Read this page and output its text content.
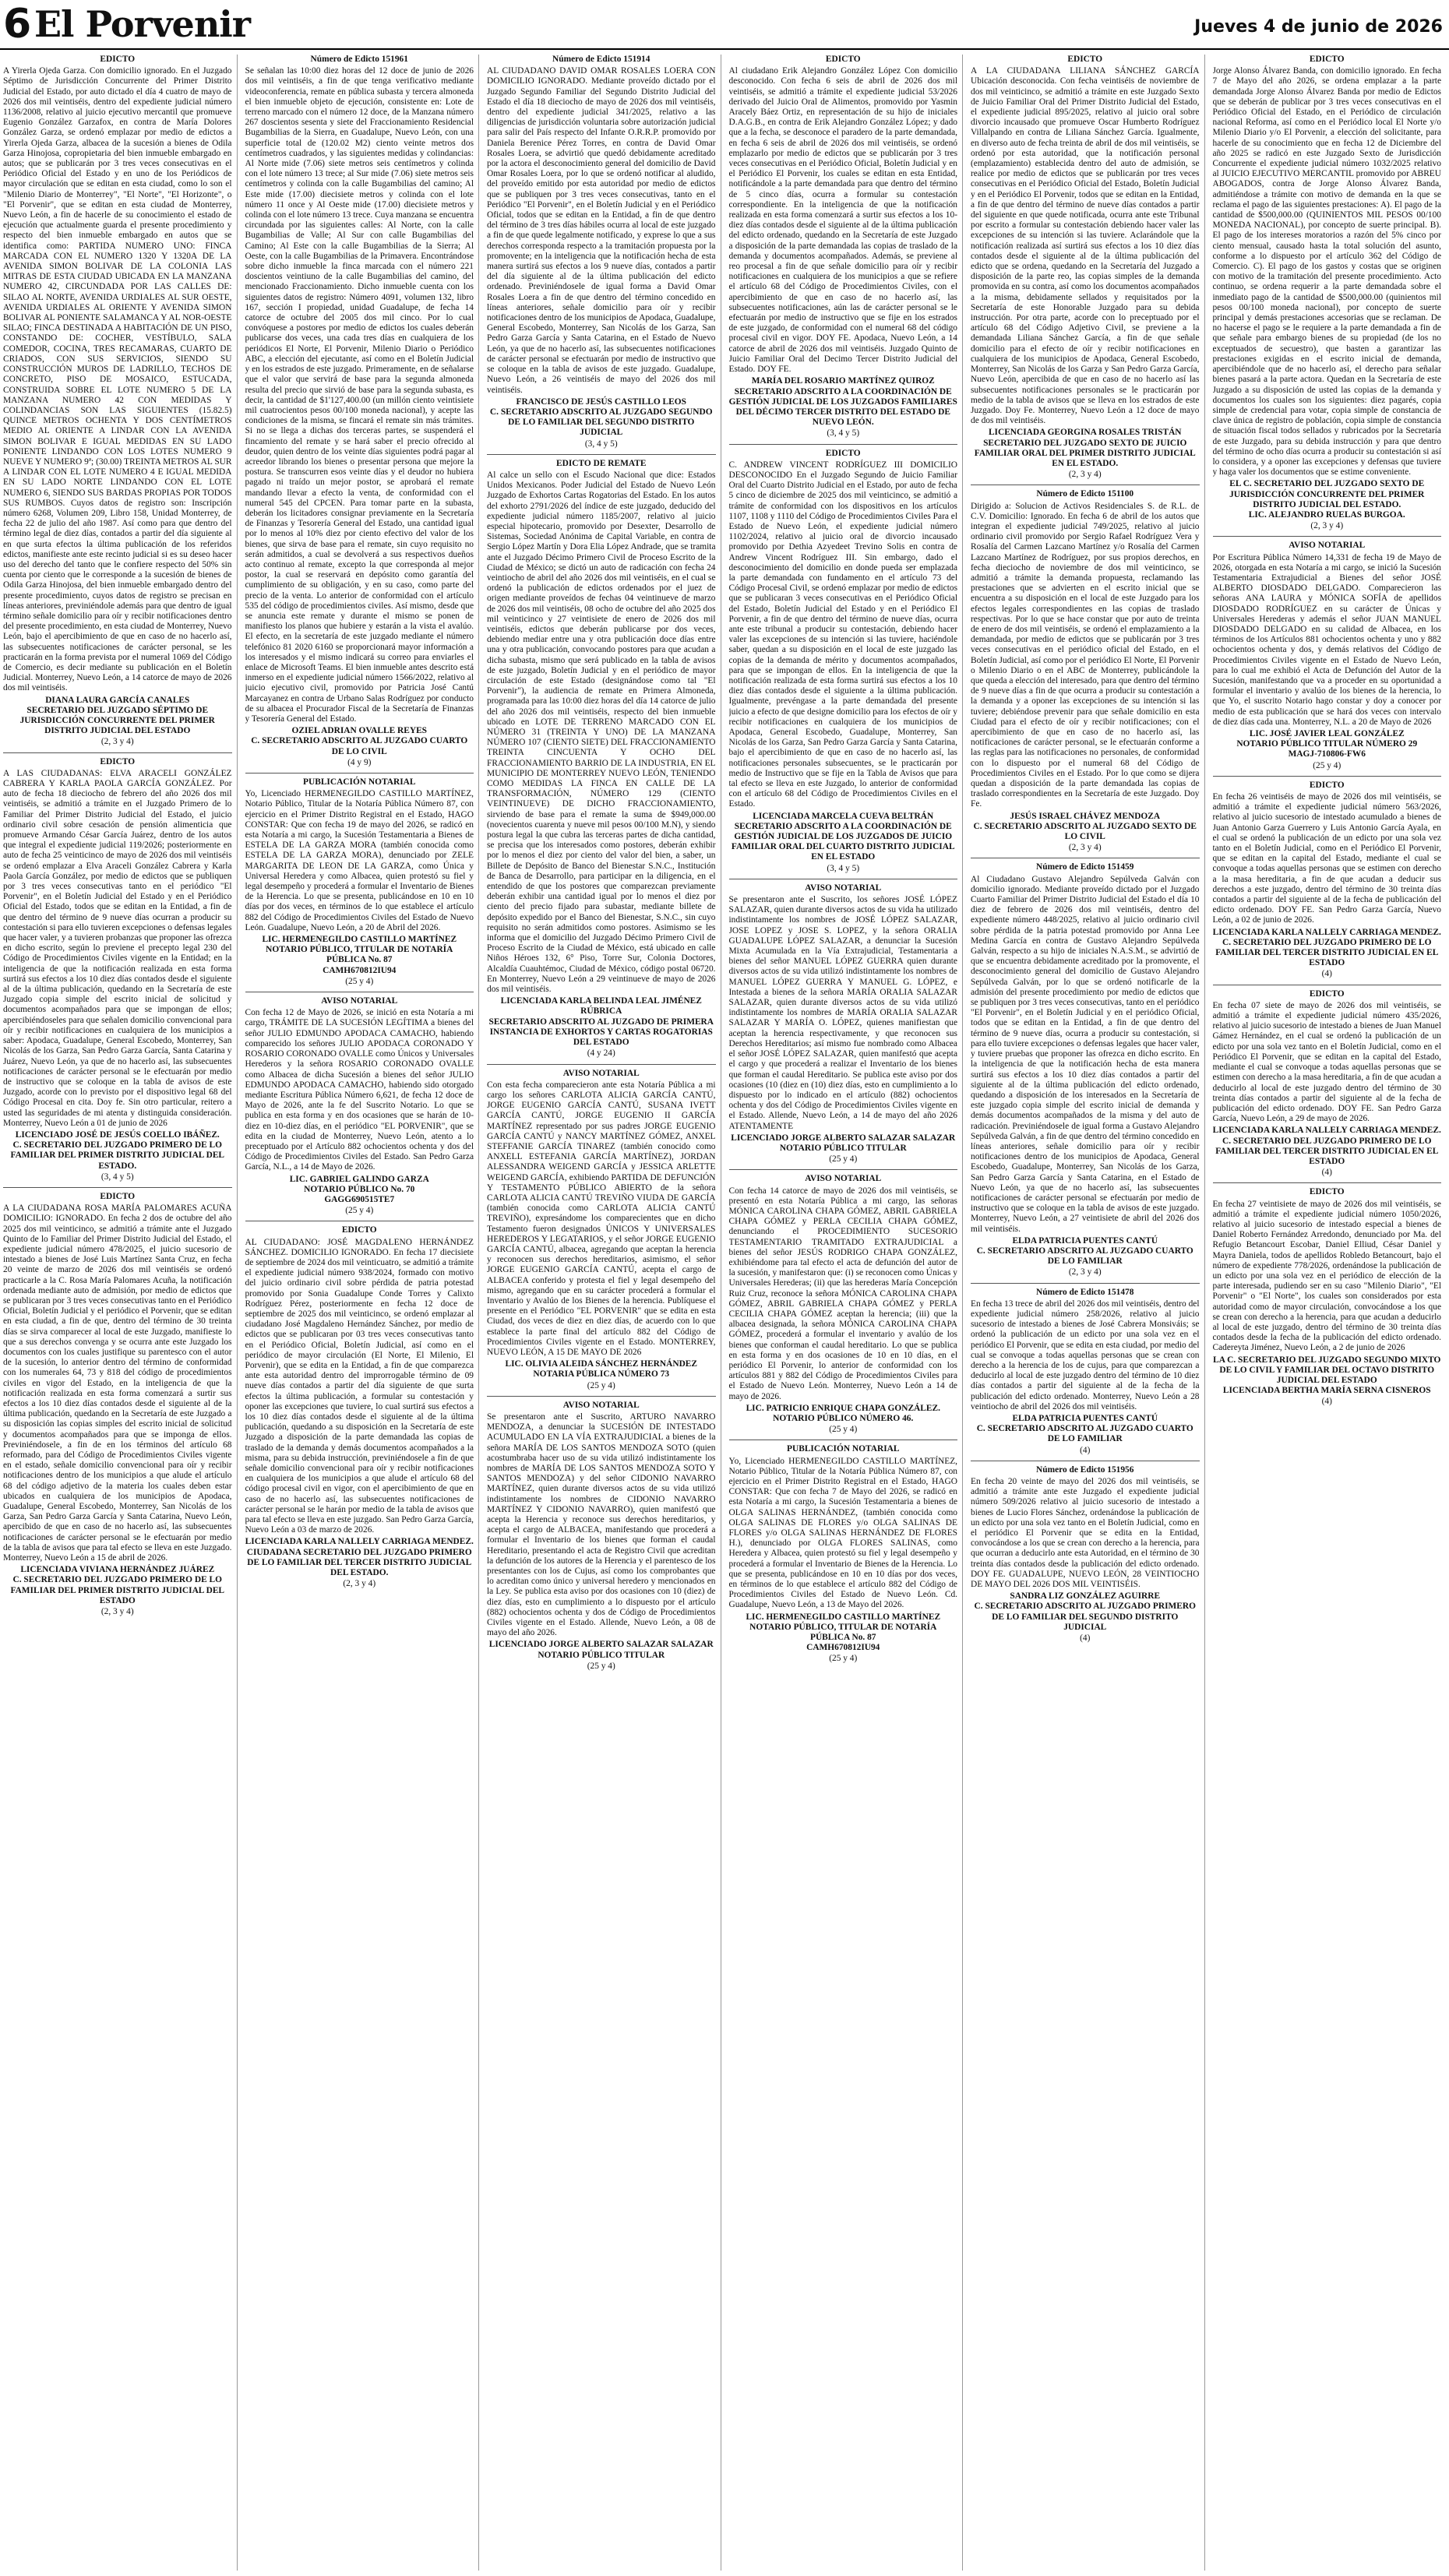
6 El Porvenir	Jueves 4 de junio de 2026
EDICTO
A Yirerla Ojeda Garza. Con domicilio ignorado. En el Juzgado Séptimo de Jurisdicción Concurrente del Primer Distrito Judicial del Estado, por auto dictado el día 4 cuatro de mayo de 2026 dos mil veintiséis, dentro del expediente judicial número 1136/2008, relativo al juicio ejecutivo mercantil que promueve Eugenio González Garzafox, en contra de María Dolores González Garza, se ordenó emplazar por medio de edictos a Yirerla Ojeda Garza, albacea de la sucesión a bienes de Odila Garza Hinojosa, copropietaria del bien inmueble embargado en autos; que se publicarán por 3 tres veces consecutivas en el Periódico Oficial del Estado y en uno de los Periódicos de mayor circulación que se editan en esta ciudad, como lo son el "Milenio Diario de Monterrey", "El Norte", "El Horizonte", o "El Porvenir", que se editan en esta ciudad de Monterrey, Nuevo León, a fin de hacerle de su conocimiento el estado de ejecución que actualmente guarda el presente procedimiento y respecto del bien inmueble embargado en autos que se identifica como: PARTIDA NUMERO UNO: FINCA MARCADA CON EL NUMERO 1320 Y 1320A DE LA AVENIDA SIMON BOLIVAR DE LA COLONIA LAS MITRAS DE ESTA CIUDAD UBICADA EN LA MANZANA NUMERO 42, CIRCUNDADA POR LAS CALLES DE: SILAO AL NORTE, AVENIDA URDIALES AL SUR OESTE, AVENIDA URDIALES AL ORIENTE Y AVENIDA SIMON BOLIVAR AL PONIENTE SALAMANCA Y AL NOR-OESTE SILAO; FINCA DESTINADA A HABITACIÓN DE UN PISO, CONSTANDO DE: COCHER, VESTÍBULO, SALA COMEDOR, COCINA, TRES RECAMARAS, CUARTO DE CRIADOS, CON SUS SERVICIOS, SIENDO SU CONSTRUCCIÓN MUROS DE LADRILLO, TECHOS DE CONCRETO, PISO DE MOSAICO, ESTUCADA, CONSTRUIDA SOBRE EL LOTE NUMERO 5 DE LA MANZANA NUMERO 42 CON MEDIDAS Y COLINDANCIAS SON LAS SIGUIENTES (15.82.5) QUINCE METROS OCHENTA Y DOS CENTÍMETROS MEDIO AL ORIENTE A LINDAR CON LA AVENIDA SIMON BOLIVAR E IGUAL MEDIDAS EN SU LADO PONIENTE LINDANDO CON LOS LOTES NUMERO 9 NUEVE Y NUMERO 9ª; (30.00) TREINTA METROS AL SUR A LINDAR CON EL LOTE NUMERO 4 E IGUAL MEDIDA EN SU LADO NORTE LINDANDO CON EL LOTE NUMERO 6, SIENDO SUS BARDAS PROPIAS POR TODOS SUS RUMBOS. Cuyos datos de registro son: Inscripción número 6268, Volumen 209, Libro 158, Unidad Monterrey, de fecha 22 de julio del año 1987. Así como para que dentro del término legal de diez días, contados a partir del día siguiente al en que surta efectos la última publicación de los referidos edictos, manifieste ante este recinto judicial si es su deseo hacer uso del derecho del tanto que le confiere respecto del 50% sin cuenta por ciento que le corresponde a la sucesión de bienes de Odila Garza Hinojosa, del bien inmueble embargado dentro del presente procedimiento, cuyos datos de registro se precisan en líneas anteriores, previniéndole además para que dentro de igual término señale domicilio para oír y recibir notificaciones dentro del presente procedimiento, en esta ciudad de Monterrey, Nuevo León, bajo el apercibimiento de que en caso de no hacerlo así, las subsecuentes notificaciones de carácter personal, se les practicarán en la forma prevista por el numeral 1069 del Código de Comercio, es decir mediante su publicación en el Boletín Judicial. Monterrey, Nuevo León, a 14 catorce de mayo de 2026 dos mil veintiséis.
DIANA LAURA GARCÍA CANALES
SECRETARIO DEL JUZGADO SÉPTIMO DE JURISDICCIÓN CONCURRENTE DEL PRIMER DISTRITO JUDICIAL DEL ESTADO
(2, 3 y 4)
EDICTO
A LAS CIUDADANAS: ELVA ARACELI GONZÁLEZ CABRERA Y KARLA PAOLA GARCÍA GONZÁLEZ. Por auto de fecha 18 dieciocho de febrero del año 2026 dos mil veintiséis, se admitió a trámite en el Juzgado Primero de lo Familiar del Primer Distrito Judicial del Estado, el juicio ordinario civil sobre cesación de pensión alimenticia que promueve Armando César García Juárez, dentro de los autos que integral el expediente judicial 119/2026; posteriormente en auto de fecha 25 veinticinco de mayo de 2026 dos mil veintiséis se ordenó emplazar a Elva Araceli González Cabrera y Karla Paola García González, por medio de edictos que se publiquen por 3 tres veces consecutivas tanto en el periódico "El Porvenir", en el Boletín Judicial del Estado y en el Periódico Oficial del Estado, todos que se editan en la Entidad, a fin de que dentro del término de 9 nueve días ocurran a producir su contestación si para ello tuvieren excepciones o defensas legales que hacer valer, y a tuvieren probanzas que proponer las ofrezca en dicho escrito, según lo previene el precepto legal 230 del Código de Procedimientos Civiles vigente en la Entidad; en la inteligencia de que la notificación realizada en esta forma surtirá sus efectos a los 10 diez días contados desde el siguiente al de la última publicación, quedando en la Secretaría de este Juzgado copia simple del escrito inicial de solicitud y documentos acompañados para que se impongan de ellos; apercibiéndoseles para que señalen domicilio convencional para oír y recibir notificaciones en cualquiera de los municipios a saber: Apodaca, Guadalupe, General Escobedo, Monterrey, San Nicolás de los Garza, San Pedro Garza García, Santa Catarina y Juárez, Nuevo León, ya que de no hacerlo así, las subsecuentes notificaciones de carácter personal se le efectuarán por medio de instructivo que se coloque en la tabla de avisos de este Juzgado, acorde con lo previsto por el dispositivo legal 68 del Código Procesal en cita. Doy fe. Sin otro particular, reitero a usted las seguridades de mi atenta y distinguida consideración. Monterrey, Nuevo León a 01 de junio de 2026
LICENCIADO JOSÉ DE JESÚS COELLO IBÁÑEZ.
C. SECRETARIO DEL JUZGADO PRIMERO DE LO FAMILIAR DEL PRIMER DISTRITO JUDICIAL DEL ESTADO.
(3, 4 y 5)
EDICTO
A LA CIUDADANA ROSA MARÍA PALOMARES ACUÑA DOMICILIO: IGNORADO. En fecha 2 dos de octubre del año 2025 dos mil veinticinco, se admitió a trámite ante el Juzgado Quinto de lo Familiar del Primer Distrito Judicial del Estado, el expediente judicial número 478/2025, el juicio sucesorio de intestado a bienes de José Luis Martínez Santa Cruz, en fecha 20 veinte de marzo de 2026 dos mil veintiséis se ordenó practicarle a la C. Rosa María Palomares Acuña, la notificación ordenada mediante auto de admisión, por medio de edictos que se publicaran por 3 tres veces consecutivas tanto en el Periódico Oficial, Boletín Judicial y el periódico el Porvenir, que se editan en esta ciudad, a fin de que, dentro del término de 30 treinta días se sirva comparecer al local de este Juzgado, manifieste lo que a sus derechos convenga y se ocurra ante este Juzgado los documentos con los cuales justifique su parentesco con el autor de la sucesión, lo anterior dentro del término de conformidad con los numerales 64, 73 y 818 del código de procedimientos civiles en vigor del Estado, en la inteligencia de que la notificación realizada en esta forma comenzará a surtir sus efectos a los 10 diez días contados desde el siguiente al de la última publicación, quedando en la Secretaría de este Juzgado a su disposición las copias simples del escrito inicial de solicitud y documentos acompañados para que se imponga de ellos. Previniéndosele, a fin de en los términos del artículo 68 reformado, para del Código de Procedimientos Civiles vigente en el estado, señale domicilio convencional para oír y recibir notificaciones dentro de los municipios a que alude el artículo 68 del código adjetivo de la materia los cuales deben estar ubicados en cualquiera de los municipios de Apodaca, Guadalupe, General Escobedo, Monterrey, San Nicolás de los Garza, San Pedro Garza García y Santa Catarina, Nuevo León, apercibido de que en caso de no hacerlo así, las subsecuentes notificaciones de carácter personal se le efectuarán por medio de la tabla de avisos que para tal efecto se lleva en este Juzgado. Monterrey, Nuevo León a 15 de abril de 2026.
LICENCIADA VIVIANA HERNÁNDEZ JUÁREZ
C. SECRETARIO DEL JUZGADO PRIMERO DE LO FAMILIAR DEL PRIMER DISTRITO JUDICIAL DEL ESTADO
(2, 3 y 4)
Número de Edicto 151961
Se señalan las 10:00 diez horas del 12 doce de junio de 2026 dos mil veintiséis, a fin de que tenga verificativo mediante videoconferencia, remate en pública subasta y tercera almoneda el bien inmueble objeto de ejecución, consistente en: Lote de terreno marcado con el número 12 doce, de la Manzana número 267 doscientos sesenta y siete del Fraccionamiento Residencial Bugambilias de la Sierra, en Guadalupe, Nuevo León, con una superficie total de (120.02 M2) ciento veinte metros dos centímetros cuadrados, y las siguientes medidas y colindancias: Al Norte mide (7.06) siete metros seis centímetros y colinda con el lote número 13 trece; al Sur mide (7.06) siete metros seis centímetros y colinda con la calle Bugambilias del camino; Al Este mide (17.00) diecisiete metros y colinda con el lote número 11 once y Al Oeste mide (17.00) diecisiete metros y colinda con el lote número 13 trece. Cuya manzana se encuentra circundada por las siguientes calles: Al Norte, con la calle Bugambilias de Valle; Al Sur con calle Bugambilias del Camino; Al Este con la calle Bugambilias de la Sierra; Al Oeste, con la calle Bugambilias de la Primavera. Encontrándose sobre dicho inmueble la finca marcada con el número 221 doscientos veintiuno de la calle Bugambilias del camino, del mencionado Fraccionamiento. Dicho inmueble cuenta con los siguientes datos de registro: Número 4091, volumen 132, libro 167, sección I propiedad, unidad Guadalupe, de fecha 14 catorce de octubre del 2005 dos mil cinco. Por lo cual convóquese a postores por medio de edictos los cuales deberán publicarse dos veces, una cada tres días en cualquiera de los periódicos El Norte, El Porvenir, Milenio Diario o Periódico ABC, a elección del ejecutante, así como en el Boletín Judicial y en los estrados de este juzgado. Primeramente, en de señalarse que el valor que servirá de base para la segunda almoneda resulta del precio que sirvió de base para la segunda subasta, es decir, la cantidad de $1'127,400.00 (un millón ciento veintisiete mil cuatrocientos pesos 00/100 moneda nacional), y acepte las condiciones de la misma, se fincará el remate sin más trámites. Si no se llega a dichas dos terceras partes, se suspenderá el fincamiento del remate y se hará saber el precio ofrecido al deudor, quien dentro de los veinte días siguientes podrá pagar al acreedor librando los bienes o presentar persona que mejore la postura. Se transcurren esos veinte días y el deudor no hubiera pagado ni traído un mejor postor, se aprobará el remate mandando llevar a efecto la venta, de conformidad con el numeral 545 del CPCEN. Para tomar parte en la subasta, deberán los licitadores consignar previamente en la Secretaría de Finanzas y Tesorería General del Estado, una cantidad igual por lo menos al 10% diez por ciento efectivo del valor de los bienes, que sirva de base para el remate, sin cuyo requisito no serán admitidos, a cual se devolverá a sus respectivos dueños acto continuo al remate, excepto la que corresponda al mejor postor, la cual se reservará en depósito como garantía del cumplimiento de su obligación, y en su caso, como parte del precio de la venta. Lo anterior de conformidad con el artículo 535 del código de procedimientos civiles. Así mismo, desde que se anuncia este remate y durante el mismo se ponen de manifiesto los planos que hubiere y estarán a la vista el avalúo. El efecto, en la secretaría de este juzgado mediante el número telefónico 81 2020 6160 se proporcionará mayor información a los interesados y el mismo indicará su correo para enviarles el enlace de Microsoft Teams. El bien inmueble antes descrito está inmerso en el expediente judicial número 1566/2022, relativo al juicio ejecutivo civil, promovido por Patricia José Cantú Marcayanez en contra de Urbano Salas Rodríguez por conducto de su albacea el Procurador Fiscal de la Secretaría de Finanzas y Tesorería General del Estado.
OZIEL ADRIAN OVALLE REYES
C. SECRETARIO ADSCRITO AL JUZGADO CUARTO DE LO CIVIL
(4 y 9)
PUBLICACIÓN NOTARIAL
Yo, Licenciado HERMENEGILDO CASTILLO MARTÍNEZ, Notario Público, Titular de la Notaría Pública Número 87, con ejercicio en el Primer Distrito Registral en el Estado, HAGO CONSTAR: Que con fecha 19 de mayo del 2026, se radicó en esta Notaría a mi cargo, la Sucesión Testamentaria a Bienes de ESTELA DE LA GARZA MORA (también conocida como ESTELA DE LA GARZA MORA), denunciado por ZELE MARGARITA DE LEON DE LA GARZA, como Única y Universal Heredera y como Albacea, quien protestó su fiel y legal desempeño y procederá a formular el Inventario de Bienes de la Herencia. Lo que se presenta, publicándose en 10 en 10 días por dos veces, en términos de lo que establece el artículo 882 del Código de Procedimientos Civiles del Estado de Nuevo León. Guadalupe, Nuevo León, a 20 de Abril del 2026.
LIC. HERMENEGILDO CASTILLO MARTÍNEZ
NOTARIO PÚBLICO, TITULAR DE NOTARÍA PÚBLICA No. 87
CAMH670812IU94
(25 y 4)
AVISO NOTARIAL
Con fecha 12 de Mayo de 2026, se inició en esta Notaría a mi cargo, TRÁMITE DE LA SUCESIÓN LEGÍTIMA a bienes del señor JULIO EDMUNDO APODACA CAMACHO, habiendo comparecido los señores JULIO APODACA CORONADO Y ROSARIO CORONADO OVALLE como Únicos y Universales Herederos y la señora ROSARIO CORONADO OVALLE como Albacea de dicha Sucesión a bienes del señor JULIO EDMUNDO APODACA CAMACHO, habiendo sido otorgado mediante Escritura Pública Número 6,621, de fecha 12 doce de Mayo de 2026, ante la fe del Suscrito Notario. Lo que se publica en esta forma y en dos ocasiones que se harán de 10-diez en 10-diez días, en el periódico "EL PORVENIR", que se edita en la ciudad de Monterrey, Nuevo León, atento a lo preceptuado por el Artículo 882 ochocientos ochenta y dos del Código de Procedimientos Civiles del Estado. San Pedro Garza García, N.L., a 14 de Mayo de 2026.
LIC. GABRIEL GALINDO GARZA
NOTARIO PÚBLICO No. 70
GAGG690515TE7
(25 y 4)
EDICTO
AL CIUDADANO: JOSÉ MAGDALENO HERNÁNDEZ SÁNCHEZ. DOMICILIO IGNORADO. En fecha 17 diecisiete de septiembre de 2024 dos mil veinticuatro, se admitió a trámite el expediente judicial número 938/2024, formado con motivo del juicio ordinario civil sobre pérdida de patria potestad promovido por Sonia Guadalupe Conde Torres y Calixto Rodríguez Pérez, posteriormente en fecha 12 doce de septiembre de 2025 dos mil veinticinco, se ordenó emplazar al ciudadano José Magdaleno Hernández Sánchez, por medio de edictos que se publicaran por 03 tres veces consecutivas tanto en el Periódico Oficial, Boletín Judicial, así como en el periódico de mayor circulación (El Norte, El Milenio, El Porvenir), que se edita en la Entidad, a fin de que comparezca ante esta autoridad dentro del improrrogable término de 09 nueve días contados a partir del día siguiente de que surta efectos la última publicación, a formular su contestación y oponer las excepciones que tuviere, lo cual surtirá sus efectos a los 10 diez días contados desde el siguiente al de la última publicación, quedando a su disposición en la Secretaría de este Juzgado a disposición de la parte demandada las copias de traslado de la demanda y demás documentos acompañados a la misma, para su debida instrucción, previniéndosele a fin de que señale domicilio convencional para oír y recibir notificaciones en cualquiera de los municipios a que alude el artículo 68 del código procesal civil en vigor, con el apercibimiento de que en caso de no hacerlo así, las subsecuentes notificaciones de carácter personal se le harán por medio de la tabla de avisos que para tal efecto se lleva en este juzgado. San Pedro Garza García, Nuevo León a 03 de marzo de 2026.
LICENCIADA KARLA NALLELY CARRIAGA MENDEZ.
CIUDADANA SECRETARIO DEL JUZGADO PRIMERO DE LO FAMILIAR DEL TERCER DISTRITO JUDICIAL DEL ESTADO.
(2, 3 y 4)
Número de Edicto 151914
AL CIUDADANO DAVID OMAR ROSALES LOERA CON DOMICILIO IGNORADO. Mediante proveído dictado por el Juzgado Segundo Familiar del Segundo Distrito Judicial del Estado el día 18 dieciocho de mayo de 2026 dos mil veintiséis, dentro del expediente judicial 341/2025, relativo a las diligencias de jurisdicción voluntaria sobre autorización judicial para salir del País respecto del Infante O.R.R.P. promovido por Daniela Berenice Pérez Torres, en contra de David Omar Rosales Loera, se advirtió que quedó debidamente acreditado por la actora el desconocimiento general del domicilio de David Omar Rosales Loera, por lo que se ordenó notificar al aludido, del proveído emitido por esta autoridad por medio de edictos que se publiquen por 3 tres veces consecutivas, tanto en el Periódico "El Porvenir", en el Boletín Judicial y en el Periódico Oficial, todos que se editan en la Entidad, a fin de que dentro del término de 3 tres días hábiles ocurra al local de este juzgado a fin de que quede legalmente notificado, y exprese lo que a sus derechos corresponda respecto a la tramitación propuesta por la promovente; en la inteligencia que la notificación hecha de esta manera surtirá sus efectos a los 9 nueve días, contados a partir del día siguiente al de la última publicación del edicto ordenado. Previniéndosele de igual forma a David Omar Rosales Loera a fin de que dentro del término concedido en líneas anteriores, señale domicilio para oír y recibir notificaciones dentro de los municipios de Apodaca, Guadalupe, General Escobedo, Monterrey, San Nicolás de los Garza, San Pedro Garza García y Santa Catarina, en el Estado de Nuevo León, ya que de no hacerlo así, las subsecuentes notificaciones de carácter personal se efectuarán por medio de instructivo que se coloque en la tabla de avisos de este juzgado. Guadalupe, Nuevo León, a 26 veintiséis de mayo del 2026 dos mil veintiséis.
FRANCISCO DE JESÚS CASTILLO LEOS
C. SECRETARIO ADSCRITO AL JUZGADO SEGUNDO DE LO FAMILIAR DEL SEGUNDO DISTRITO JUDICIAL
(3, 4 y 5)
EDICTO DE REMATE
Al calce un sello con el Escudo Nacional que dice: Estados Unidos Mexicanos. Poder Judicial del Estado de Nuevo León Juzgado de Exhortos Cartas Rogatorias del Estado. En los autos del exhorto 2791/2026 del índice de este juzgado, deducido del expediente judicial número 1185/2007, relativo al juicio especial hipotecario, promovido por Desexter, Desarrollo de Sistemas, Sociedad Anónima de Capital Variable, en contra de Sergio López Martín y Dora Elia López Andrade, que se tramita ante el Juzgado Décimo Primero Civil de Proceso Escrito de la Ciudad de México; se dictó un auto de radicación con fecha 24 veintiocho de abril del año 2026 dos mil veintiséis, en el cual se ordenó la publicación de edictos ordenados por el juez de origen mediante proveídos de fechas 04 veintinueve de marzo de 2026 dos mil veintiséis, 08 ocho de octubre del año 2025 dos mil veinticinco y 27 veintisiete de enero de 2026 dos mil veintiséis, edictos que deberán publicarse por dos veces, debiendo mediar entre una y otra publicación doce días entre una y otra publicación, convocando postores para que acudan a dicha subasta, mismo que será publicado en la tabla de avisos de este juzgado, Boletín Judicial y en el periódico de mayor circulación de este Estado (designándose como tal "El Porvenir"), la audiencia de remate en Primera Almoneda, programada para las 10:00 diez horas del día 14 catorce de julio del año 2026 dos mil veintiséis, respecto del bien inmueble ubicado en LOTE DE TERRENO MARCADO CON EL NÚMERO 31 (TREINTA Y UNO) DE LA MANZANA NÚMERO 107 (CIENTO SIETE) DEL FRACCIONAMIENTO TREINTA CINCUENTA Y OCHO DEL FRACCIONAMIENTO BARRIO DE LA INDUSTRIA, EN EL MUNICIPIO DE MONTERREY NUEVO LEÓN, TENIENDO COMO MEDIDAS LA FINCA EN CALLE DE LA TRANSFORMACIÓN, NÚMERO 129 (CIENTO VEINTINUEVE) DE DICHO FRACCIONAMIENTO, sirviendo de base para el remate la suma de $949,000.00 (novecientos cuarenta y nueve mil pesos 00/100 M.N), y siendo postura legal la que cubra las terceras partes de dicha cantidad, se precisa que los interesados como postores, deberán exhibir por lo menos el diez por ciento del valor del bien, a saber, un Billete de Depósito de Banco del Bienestar S.N.C., Institución de Banca de Desarrollo, para participar en la diligencia, en el entendido de que los postores que comparezcan previamente deberán exhibir una cantidad igual por lo menos el diez por ciento del precio fijado para subastar, mediante billete de depósito expedido por el Banco del Bienestar, S.N.C., sin cuyo requisito no serán admitidos como postores. Asimismo se les informa que el domicilio del Juzgado Décimo Primero Civil de Proceso Escrito de la Ciudad de México, está ubicado en calle Niños Héroes 132, 6° Piso, Torre Sur, Colonia Doctores, Alcaldía Cuauhtémoc, Ciudad de México, código postal 06720. En Monterrey, Nuevo León a 29 veintinueve de mayo de 2026 dos mil veintiséis.
LICENCIADA KARLA BELINDA LEAL JIMÉNEZ
RÚBRICA
SECRETARIO ADSCRITO AL JUZGADO DE PRIMERA INSTANCIA DE EXHORTOS Y CARTAS ROGATORIAS DEL ESTADO
(4 y 24)
AVISO NOTARIAL
Con esta fecha comparecieron ante esta Notaría Pública a mi cargo los señores CARLOTA ALICIA GARCÍA CANTÚ, JORGE EUGENIO GARCÍA CANTÚ, SUSANA IVETT GARCÍA CANTÚ, JORGE EUGENIO II GARCÍA MARTÍNEZ representado por sus padres JORGE EUGENIO GARCÍA CANTÚ y NANCY MARTÍNEZ GÓMEZ, ANXEL STEFFANIE GARCÍA TINAREZ (también conocido como ANXELL ESTEFANIA GARCÍA MARTÍNEZ), JORDAN ALESSANDRA WEIGEND GARCÍA y JESSICA ARLETTE WEIGEND GARCÍA, exhibiendo PARTIDA DE DEFUNCIÓN Y TESTAMENTO PÚBLICO ABIERTO de la señora CARLOTA ALICIA CANTÚ TREVIÑO VIUDA DE GARCÍA (también conocida como CARLOTA ALICIA CANTÚ TREVIÑO), expresándome los comparecientes que en dicho Testamento fueron designados ÚNICOS Y UNIVERSALES HEREDEROS Y LEGATARIOS, y el señor JORGE EUGENIO GARCÍA CANTÚ, albacea, agregando que aceptan la herencia y reconocen sus derechos hereditarios, asimismo, el señor JORGE EUGENIO GARCÍA CANTÚ, acepta el cargo de ALBACEA conferido y protesta el fiel y legal desempeño del mismo, agregando que en su carácter procederá a formular el Inventario y Avalúo de los Bienes de la herencia. Publíquese el presente en el Periódico "EL PORVENIR" que se edita en esta Ciudad, dos veces de diez en diez días, de acuerdo con lo que establece la parte final del artículo 882 del Código de Procedimientos Civiles vigente en el Estado. MONTERREY, NUEVO LEÓN, A 15 DE MAYO DE 2026
LIC. OLIVIA ALEIDA SÁNCHEZ HERNÁNDEZ
NOTARIA PÚBLICA NÚMERO 73
(25 y 4)
AVISO NOTARIAL
Se presentaron ante el Suscrito, ARTURO NAVARRO MENDOZA, a denunciar la SUCESIÓN DE INTESTADO ACUMULADO EN LA VÍA EXTRAJUDICIAL a bienes de la señora MARÍA DE LOS SANTOS MENDOZA SOTO (quien acostumbraba hacer uso de su vida utilizó indistintamente los nombres de MARÍA DE LOS SANTOS MENDOZA SOTO Y SANTOS MENDOZA) y del señor CIDONIO NAVARRO MARTÍNEZ, quien durante diversos actos de su vida utilizó indistintamente los nombres de CIDONIO NAVARRO MARTÍNEZ Y CIDONIO NAVARRO), quien manifestó que acepta la Herencia y reconoce sus derechos hereditarios, y acepta el cargo de ALBACEA, manifestando que procederá a formular el Inventario de los bienes que forman el caudal Hereditario, presentando el acta de Registro Civil que acreditan la defunción de los autores de la Herencia y el parentesco de los presentantes con los de Cujus, así como los comprobantes que lo acreditan como único y universal heredero y mencionados en la Ley. Se publica esta aviso por dos ocasiones con 10 (diez) de diez días, esto en cumplimiento a lo dispuesto por el artículo (882) ochocientos ochenta y dos de Código de Procedimientos Civiles vigente en el Estado. Allende, Nuevo León, a 08 de mayo del año 2026.
LICENCIADO JORGE ALBERTO SALAZAR SALAZAR
NOTARIO PÚBLICO TITULAR
(25 y 4)
EDICTO
Al ciudadano Erik Alejandro González López Con domicilio desconocido. Con fecha 6 seis de abril de 2026 dos mil veintiséis, se admitió a trámite el expediente judicial 53/2026 derivado del Juicio Oral de Alimentos, promovido por Yasmin Aracely Báez Ortiz, en representación de su hijo de iniciales D.A.G.B., en contra de Erik Alejandro González López; y dado que a la fecha, se desconoce el paradero de la parte demandada, en fecha 6 seis de abril de 2026 dos mil veintiséis, se ordenó emplazarlo por medio de edictos que se publicarán por 3 tres veces consecutivas en el Periódico Oficial, Boletín Judicial y en el Periódico El Porvenir, los cuales se editan en esta Entidad, notificándole a la parte demandada para que dentro del término de 5 cinco días, ocurra a formular su contestación correspondiente. En la inteligencia de que la notificación realizada en esta forma comenzará a surtir sus efectos a los 10-diez días contados desde el siguiente al de la última publicación del edicto ordenado, quedando en la Secretaría de este Juzgado a disposición de la parte demandada las copias de traslado de la demanda y documentos acompañados. Además, se previene al reo procesal a fin de que señale domicilio para oír y recibir notificaciones en cualquiera de los municipios a que se refiere el artículo 68 del Código de Procedimientos Civiles, con el apercibimiento de que en caso de no hacerlo así, las subsecuentes notificaciones, aún las de carácter personal se le efectuarán por medio de instructivo que se fije en los estrados de este juzgado, de conformidad con el numeral 68 del código procesal civil en vigor. DOY FE. Apodaca, Nuevo León, a 14 catorce de abril de 2026 dos mil veintiséis. Juzgado Quinto de Juicio Familiar Oral del Decimo Tercer Distrito Judicial del Estado. DOY FE.
MARÍA DEL ROSARIO MARTÍNEZ QUIROZ
SECRETARIO ADSCRITO A LA COORDINACIÓN DE GESTIÓN JUDICIAL DE LOS JUZGADOS FAMILIARES DEL DÉCIMO TERCER DISTRITO DEL ESTADO DE NUEVO LEÓN.
(3, 4 y 5)
EDICTO
C. ANDREW VINCENT RODRÍGUEZ III DOMICILIO DESCONOCIDO En el Juzgado Segundo de Juicio Familiar Oral del Cuarto Distrito Judicial en el Estado, por auto de fecha 5 cinco de diciembre de 2025 dos mil veinticinco, se admitió a trámite de conformidad con los dispositivos en los artículos 1107, 1108 y 1110 del Código de Procedimientos Civiles Para el Estado de Nuevo León, el expediente judicial número 1102/2024, relativo al juicio oral de divorcio incausado promovido por Dethia Azyedeet Trevino Solis en contra de Andrew Vincent Rodríguez III. Sin embargo, dado el desconocimiento del domicilio en donde pueda ser emplazada la parte demandada con fundamento en el artículo 73 del Código Procesal Civil, se ordenó emplazar por medio de edictos que se publicaran 3 veces consecutivas en el Periódico Oficial del Estado, Boletín Judicial del Estado y en el Periódico El Porvenir, a fin de que dentro del término de nueve días, ocurra ante este tribunal a producir su contestación, debiendo hacer valer las excepciones de su intención si las tuviere, haciéndole saber, quedan a su disposición en el local de este juzgado las copias de la demanda de mérito y documentos acompañados, para que se impongan de ellos. En la inteligencia de que la notificación realizada de esta forma surtirá sus efectos a los 10 diez días contados desde el siguiente a la última publicación. Igualmente, prevéngase a la parte demandada del presente juicio a efecto de que designe domicilio para los efectos de oír y recibir notificaciones en cualquiera de los municipios de Apodaca, General Escobedo, Guadalupe, Monterrey, San Nicolás de los Garza, San Pedro Garza García y Santa Catarina, bajo el apercibimiento de que en caso de no hacerlo así, las notificaciones personales subsecuentes, se le practicarán por medio de Instructivo que se fije en la Tabla de Avisos que para tal efecto se lleva en este Juzgado, lo anterior de conformidad con el artículo 68 del Código de Procedimientos Civiles en el Estado.
LICENCIADA MARCELA CUEVA BELTRÁN
SECRETARIO ADSCRITO A LA COORDINACIÓN DE GESTIÓN JUDICIAL DE LOS JUZGADOS DE JUICIO FAMILIAR ORAL DEL CUARTO DISTRITO JUDICIAL EN EL ESTADO
(3, 4 y 5)
AVISO NOTARIAL
Se presentaron ante el Suscrito, los señores JOSÉ LÓPEZ SALAZAR, quien durante diversos actos de su vida ha utilizado indistintamente los nombres de JOSÉ LÓPEZ SALAZAR, JOSE LOPEZ y JOSE S. LOPEZ, y la señora ORALIA GUADALUPE LÓPEZ SALAZAR, a denunciar la Sucesión Mixta Acumulada en la Vía Extrajudicial, Testamentaria a bienes del señor MANUEL LÓPEZ GUERRA quien durante diversos actos de su vida utilizó indistintamente los nombres de MANUEL LÓPEZ GUERRA Y MANUEL G. LÓPEZ, e Intestada a bienes de la señora MARÍA ORALIA SALAZAR SALAZAR, quien durante diversos actos de su vida utilizó indistintamente los nombres de MARÍA ORALIA SALAZAR SALAZAR Y MARÍA O. LÓPEZ, quienes manifiestan que aceptan la herencia respectivamente, y que reconocen sus Derechos Hereditarios; así mismo fue nombrado como Albacea el señor JOSÉ LÓPEZ SALAZAR, quien manifestó que acepta el cargo y que procederá a realizar el Inventario de los bienes que forman el caudal Hereditario. Se publica este aviso por dos ocasiones (10 (diez en (10) diez días, esto en cumplimiento a lo dispuesto por lo indicado en el artículo (882) ochocientos ochenta y dos del Código de Procedimientos Civiles vigente en el Estado. Allende, Nuevo León, a 14 de mayo del año 2026 ATENTAMENTE
LICENCIADO JORGE ALBERTO SALAZAR SALAZAR
NOTARIO PÚBLICO TITULAR
(25 y 4)
AVISO NOTARIAL
Con fecha 14 catorce de mayo de 2026 dos mil veintiséis, se presentó en esta Notaría Pública a mi cargo, las señoras MÓNICA CAROLINA CHAPA GÓMEZ, ABRIL GABRIELA CHAPA GÓMEZ y PERLA CECILIA CHAPA GÓMEZ, denunciando el PROCEDIMIENTO SUCESORIO TESTAMENTARIO TRAMITADO EXTRAJUDICIAL a bienes del señor JESÚS RODRIGO CHAPA GONZÁLEZ, exhibiéndome para tal efecto el acta de defunción del autor de la sucesión, y manifestaron que: (i) se reconocen como Únicas y Universales Herederas; (ii) que las herederas María Concepción Ruiz Cruz, reconoce la señora MÓNICA CAROLINA CHAPA GÓMEZ, ABRIL GABRIELA CHAPA GÓMEZ y PERLA CECILIA CHAPA GÓMEZ aceptan la herencia; (iii) que la albacea designada, la señora MÓNICA CAROLINA CHAPA GÓMEZ, procederá a formular el inventario y avalúo de los bienes que conforman el caudal hereditario. Lo que se publica en esta forma y en dos ocasiones de 10 en 10 días, en el periódico El Porvenir, lo anterior de conformidad con los artículos 881 y 882 del Código de Procedimientos Civiles para el Estado de Nuevo León. Monterrey, Nuevo León a 14 de mayo de 2026.
LIC. PATRICIO ENRIQUE CHAPA GONZÁLEZ.
NOTARIO PÚBLICO NÚMERO 46.
(25 y 4)
PUBLICACIÓN NOTARIAL
Yo, Licenciado HERMENEGILDO CASTILLO MARTÍNEZ, Notario Público, Titular de la Notaría Pública Número 87, con ejercicio en el Primer Distrito Registral en el Estado, HAGO CONSTAR: Que con fecha 7 de Mayo del 2026, se radicó en esta Notaría a mi cargo, la Sucesión Testamentaria a bienes de OLGA SALINAS HERNÁNDEZ, (también conocida como OLGA SALINAS DE FLORES y/o OLGA SALINAS DE FLORES y/o OLGA SALINAS HERNÁNDEZ DE FLORES H.), denunciado por OLGA FLORES SALINAS, como Heredera y Albacea, quien protestó su fiel y legal desempeño y procederá a formular el Inventario de Bienes de la Herencia. Lo que se presenta, publicándose en 10 en 10 días por dos veces, en términos de lo que establece el artículo 882 del Código de Procedimientos Civiles del Estado de Nuevo León. Cd. Guadalupe, Nuevo León, a 13 de Mayo del 2026.
LIC. HERMENEGILDO CASTILLO MARTÍNEZ
NOTARIO PÚBLICO, TITULAR DE NOTARÍA PÚBLICA No. 87
CAMH670812IU94
(25 y 4)
EDICTO
A LA CIUDADANA LILIANA SÁNCHEZ GARCÍA Ubicación desconocida. Con fecha veintiséis de noviembre de dos mil veinticinco, se admitió a trámite en este Juzgado Sexto de Juicio Familiar Oral del Primer Distrito Judicial del Estado, el expediente judicial 895/2025, relativo al juicio oral sobre divorcio incausado que promueve Oscar Humberto Rodríguez Villalpando en contra de Liliana Sánchez García. Igualmente, en diverso auto de fecha treinta de abril de dos mil veintiséis, se ordenó por esta autoridad, que la notificación personal (emplazamiento) establecida dentro del auto de admisión, se realice por medio de edictos que se publicarán por tres veces consecutivas en el Periódico Oficial del Estado, Boletín Judicial y en el Periódico El Porvenir, todos que se editan en la Entidad, a fin de que dentro del término de nueve días contados a partir del siguiente en que quede notificada, ocurra ante este Tribunal por escrito a formular su contestación debiendo hacer valer las excepciones de su intención si las tuviere. Aclarándole que la notificación realizada así surtirá sus efectos a los 10 diez días contados desde el siguiente al de la última publicación del edicto que se ordena, quedando en la Secretaría del Juzgado a disposición de la parte reo, las copias simples de la demanda promovida en su contra, así como los documentos acompañados a la misma, debidamente sellados y requisitados por la Secretaría de este Honorable Juzgado para su debida instrucción. Por otra parte, acorde con lo preceptuado por el artículo 68 del Código Adjetivo Civil, se previene a la demandada Liliana Sánchez García, a fin de que señale domicilio para el efecto de oír y recibir notificaciones en cualquiera de los municipios de Apodaca, General Escobedo, Monterrey, San Nicolás de los Garza y San Pedro Garza García, Nuevo León, apercibida de que en caso de no hacerlo así las subsecuentes notificaciones personales se le practicarán por medio de la tabla de avisos que se lleva en los estrados de este Juzgado. Doy Fe. Monterrey, Nuevo León a 12 doce de mayo de dos mil veintiséis.
LICENCIADA GEORGINA ROSALES TRISTÁN
SECRETARIO DEL JUZGADO SEXTO DE JUICIO FAMILIAR ORAL DEL PRIMER DISTRITO JUDICIAL EN EL ESTADO.
(2, 3 y 4)
Número de Edicto 151100
Dirigido a: Solucion de Activos Residenciales S. de R.L. de C.V. Domicilio: Ignorado. En fecha 6 de abril de los autos que integran el expediente judicial 749/2025, relativo al juicio ordinario civil promovido por Sergio Rafael Rodríguez Vera y Rosalía del Carmen Lazcano Martínez y/o Rosalía del Carmen Lazcano Martínez de Rodríguez, por sus propios derechos, en fecha dieciocho de noviembre de dos mil veinticinco, se admitió a trámite la demanda propuesta, reclamando las prestaciones que se advierten en el escrito inicial que se encuentra a su disposición en el local de este Juzgado para los efectos legales correspondientes en las copias de traslado respectivas. Por lo que se hace constar que por auto de treinta de enero de dos mil veintiséis, se ordenó el emplazamiento a la demandada, por medio de edictos que se publicarán por 3 tres veces consecutivas en el periódico oficial del Estado, en el Boletín Judicial, así como por el periódico El Norte, El Porvenir o Milenio Diario o en el ABC de Monterrey, publicándole la que queda a elección del interesado, para que dentro del término de 9 nueve días a fin de que ocurra a producir su contestación a la demanda y a oponer las excepciones de su intención si las tuviere; debiéndose prevenir para que señale domicilio en esta Ciudad para el efecto de oír y recibir notificaciones; con el apercibimiento de que en caso de no hacerlo así, las notificaciones de carácter personal, se le efectuarán conforme a las reglas para las notificaciones no personales, de conformidad con lo dispuesto por el numeral 68 del Código de Procedimientos Civiles en el Estado. Por lo que como se dijera quedan a disposición de la parte demandada las copias de traslado correspondientes en la Secretaría de este Juzgado. Doy Fe.
JESÚS ISRAEL CHÁVEZ MENDOZA
C. SECRETARIO ADSCRITO AL JUZGADO SEXTO DE LO CIVIL
(2, 3 y 4)
Número de Edicto 151459
Al Ciudadano Gustavo Alejandro Sepúlveda Galván con domicilio ignorado. Mediante proveído dictado por el Juzgado Cuarto Familiar del Primer Distrito Judicial del Estado el día 10 diez de febrero de 2026 dos mil veintiséis, dentro del expediente número 448/2025, relativo al juicio ordinario civil sobre pérdida de la patria potestad promovido por Anna Lee Medina García en contra de Gustavo Alejandro Sepúlveda Galván, respecto a su hijo de iniciales N.A.S.M., se advirtió de que se encuentra debidamente acreditado por la promovente, el desconocimiento general del domicilio de Gustavo Alejandro Sepúlveda Galván, por lo que se ordenó notificarle de la admisión del presente procedimiento por medio de edictos que se publiquen por 3 tres veces consecutivas, tanto en el periódico "El Porvenir", en el Boletín Judicial y en el periódico Oficial, todos que se editan en la Entidad, a fin de que dentro del término de 9 nueve días, ocurra a producir su contestación, si para ello tuviere excepciones o defensas legales que hacer valer, y tuviere pruebas que proponer las ofrezca en dicho escrito. En la inteligencia de que la notificación hecha de esta manera surtirá sus efectos a los 10 diez días contados a partir del siguiente al de la última publicación del edicto ordenado, quedando a disposición de los interesados en la Secretaría de este juzgado copia simple del escrito inicial de demanda y demás documentos acompañados de la misma y del auto de radicación. Previniéndosele de igual forma a Gustavo Alejandro Sepúlveda Galván, a fin de que dentro del término concedido en líneas anteriores, señale domicilio para oír y recibir notificaciones dentro de los municipios de Apodaca, General Escobedo, Guadalupe, Monterrey, San Nicolás de los Garza, San Pedro Garza García y Santa Catarina, en el Estado de Nuevo León, ya que de no hacerlo así, las subsecuentes notificaciones de carácter personal se efectuarán por medio de instructivo que se coloque en la tabla de avisos de este juzgado. Monterrey, Nuevo León, a 27 veintisiete de abril del 2026 dos mil veintiséis.
ELDA PATRICIA PUENTES CANTÚ
C. SECRETARIO ADSCRITO AL JUZGADO CUARTO DE LO FAMILIAR
(2, 3 y 4)
Número de Edicto 151478
En fecha 13 trece de abril del 2026 dos mil veintiséis, dentro del expediente judicial número 258/2026, relativo al juicio sucesorio de intestado a bienes de José Cabrera Monsiváis; se ordenó la publicación de un edicto por una sola vez en el periódico El Porvenir, que se edita en esta ciudad, por medio del cual se convoque a todas aquellas personas que se crean con derecho a la herencia de los de cujus, para que comparezcan a deducirlo al local de este juzgado dentro del término de 10 diez días contados a partir del siguiente al de la fecha de la publicación del edicto ordenado. Monterrey, Nuevo León a 28 veintiocho de abril del 2026 dos mil veintiséis.
ELDA PATRICIA PUENTES CANTÚ
C. SECRETARIO ADSCRITO AL JUZGADO CUARTO DE LO FAMILIAR
(4)
Número de Edicto 151956
En fecha 20 veinte de mayo del 2026 dos mil veintiséis, se admitió a trámite ante este Juzgado el expediente judicial número 509/2026 relativo al juicio sucesorio de intestado a bienes de Lucio Flores Sánchez, ordenándose la publicación de un edicto por una sola vez tanto en el Boletín Judicial, como en el periódico El Porvenir que se edita en la Entidad, convocándose a los que se crean con derecho a la herencia, para que ocurran a deducirlo ante esta Autoridad, en el término de 30 treinta días contados desde la publicación del edicto ordenado. DOY FE. GUADALUPE, NUEVO LEÓN, 28 VEINTIOCHO DE MAYO DEL 2026 DOS MIL VEINTISÉIS.
SANDRA LIZ GONZÁLEZ AGUIRRE
C. SECRETARIO ADSCRITO AL JUZGADO PRIMERO DE LO FAMILIAR DEL SEGUNDO DISTRITO JUDICIAL
(4)
EDICTO
Jorge Alonso Álvarez Banda, con domicilio ignorado. En fecha 7 de Mayo del año 2026, se ordena emplazar a la parte demandada Jorge Alonso Álvarez Banda por medio de Edictos que se deberán de publicar por 3 tres veces consecutivas en el Periódico Oficial del Estado, en el Periódico de circulación nacional Reforma, así como en el Periódico local El Norte y/o Milenio Diario y/o El Porvenir, a elección del solicitante, para hacerle de su conocimiento que en fecha 12 de Diciembre del año 2025 se radicó en este Juzgado Sexto de Jurisdicción Concurrente el expediente judicial número 1032/2025 relativo al JUICIO EJECUTIVO MERCANTIL promovido por ABREU ABOGADOS, contra de Jorge Alonso Álvarez Banda, admitiéndose a trámite con motivo de demanda en la que se reclama el pago de las siguientes prestaciones: A). El pago de la cantidad de $500,000.00 (QUINIENTOS MIL PESOS 00/100 MONEDA NACIONAL), por concepto de suerte principal. B). El pago de los intereses moratorios a razón del 5% cinco por ciento mensual, causado hasta la total solución del asunto, conforme a lo dispuesto por el artículo 362 del Código de Comercio. C). El pago de los gastos y costas que se originen con motivo de la tramitación del presente procedimiento. Acto continuo, se ordena requerir a la parte demandada sobre el inmediato pago de la cantidad de $500,000.00 (quinientos mil pesos 00/100 moneda nacional), por concepto de suerte principal y demás prestaciones accesorias que se reclaman. De no hacerse el pago se le requiere a la parte demandada a fin de que señale para embargo bienes de su propiedad (de los no exceptuados de secuestro), que basten a garantizar las prestaciones exigidas en el escrito inicial de demanda, apercibiéndole que de no hacerlo así, el derecho para señalar bienes pasará a la parte actora. Quedan en la Secretaría de este Juzgado a su disposición de usted las copias de la demanda y documentos los cuales son los siguientes: diez pagarés, copia simple de credencial para votar, copia simple de constancia de clave única de registro de población, copia simple de constancia de situación fiscal todos sellados y rubricados por la Secretaría de este Juzgado, para su debida instrucción y para que dentro del término de ocho días ocurra a producir su contestación si así lo considera, y a oponer las excepciones y defensas que tuviere y haga valer los documentos que se estime conveniente.
EL C. SECRETARIO DEL JUZGADO SEXTO DE JURISDICCIÓN CONCURRENTE DEL PRIMER DISTRITO JUDICIAL DEL ESTADO.
LIC. ALEJANDRO RUELAS BURGOA.
(2, 3 y 4)
AVISO NOTARIAL
Por Escritura Pública Número 14,331 de fecha 19 de Mayo de 2026, otorgada en esta Notaría a mi cargo, se inició la Sucesión Testamentaria Extrajudicial a Bienes del señor JOSÉ ALBERTO DIOSDADO DELGADO. Comparecieron las señoras ANA LAURA y MÓNICA SOFÍA de apellidos DIOSDADO RODRÍGUEZ en su carácter de Únicas y Universales Herederas y además el señor JUAN MANUEL DIOSDADO DELGADO en su calidad de Albacea, en los términos de los Artículos 881 ochocientos ochenta y uno y 882 ochocientos ochenta y dos, y demás relativos del Código de Procedimientos Civiles vigente en el Estado de Nuevo León, para lo cual me exhibió el Acta de Defunción del Autor de la Sucesión, manifestando que va a proceder en su oportunidad a formular el inventario y avalúo de los bienes de la herencia, lo que Yo, el suscrito Notario hago constar y doy a conocer por medio de esta publicación que se hará dos veces con intervalo de diez días cada una. Monterrey, N.L. a 20 de Mayo de 2026
LIC. JOSÉ JAVIER LEAL GONZÁLEZ
NOTARIO PÚBLICO TITULAR NÚMERO 29
MAGJ-710806-FW6
(25 y 4)
EDICTO
En fecha 26 veintiséis de mayo de 2026 dos mil veintiséis, se admitió a trámite el expediente judicial número 563/2026, relativo al juicio sucesorio de intestado acumulado a bienes de Juan Antonio Garza Guerrero y Luis Antonio García Ayala, en el cual se ordenó la publicación de un edicto por una sola vez tanto en el Boletín Judicial, como en el Periódico El Porvenir, que se editan en la capital del Estado, mediante el cual se convoque a todas aquellas personas que se estimen con derecho a la masa hereditaria, a fin de que acudan a deducir sus derechos a este juzgado, dentro del término de 30 treinta días contados a partir del siguiente al de la fecha de publicación del edicto ordenado. DOY FE. San Pedro Garza García, Nuevo León, a 02 de junio de 2026.
LICENCIADA KARLA NALLELY CARRIAGA MENDEZ.
C. SECRETARIO DEL JUZGADO PRIMERO DE LO FAMILIAR DEL TERCER DISTRITO JUDICIAL EN EL ESTADO
(4)
EDICTO
En fecha 07 siete de mayo de 2026 dos mil veintiséis, se admitió a trámite el expediente judicial número 435/2026, relativo al juicio sucesorio de intestado a bienes de Juan Manuel Gámez Hernández, en el cual se ordenó la publicación de un edicto por una sola vez tanto en el Boletín Judicial, como en el Periódico El Porvenir, que se editan en la capital del Estado, mediante el cual se convoque a todas aquellas personas que se estimen con derecho a la masa hereditaria, a fin de que acudan a deducirlo al local de este juzgado dentro del término de 30 treinta días contados a partir del siguiente al de la fecha de publicación del edicto ordenado. DOY FE. San Pedro Garza García, Nuevo León, a 29 de mayo de 2026.
LICENCIADA KARLA NALLELY CARRIAGA MENDEZ.
C. SECRETARIO DEL JUZGADO PRIMERO DE LO FAMILIAR DEL TERCER DISTRITO JUDICIAL EN EL ESTADO
(4)
EDICTO
En fecha 27 veintisiete de mayo de 2026 dos mil veintiséis, se admitió a trámite el expediente judicial número 1050/2026, relativo al juicio sucesorio de intestado especial a bienes de Daniel Roberto Fernández Arredondo, denunciado por Ma. del Refugio Betancourt Escobar, Daniel Elliud, César Daniel y Mayra Daniela, todos de apellidos Robledo Betancourt, bajo el número de expediente 778/2026, ordenándose la publicación de un edicto por una sola vez en el periódico de elección de la parte interesada, pudiendo ser en su caso "Milenio Diario", "El Porvenir" o "El Norte", los cuales son considerados por esta autoridad como de mayor circulación, convocándose a los que se crean con derecho a la herencia, para que acudan a deducirlo al local de este juzgado, dentro del término de 30 treinta días contados desde la fecha de la publicación del edicto ordenado. Cadereyta Jiménez, Nuevo León, a 2 de junio de 2026
LA C. SECRETARIO DEL JUZGADO SEGUNDO MIXTO DE LO CIVIL Y FAMILIAR DEL OCTAVO DISTRITO JUDICIAL DEL ESTADO
LICENCIADA BERTHA MARÍA SERNA CISNEROS
(4)
